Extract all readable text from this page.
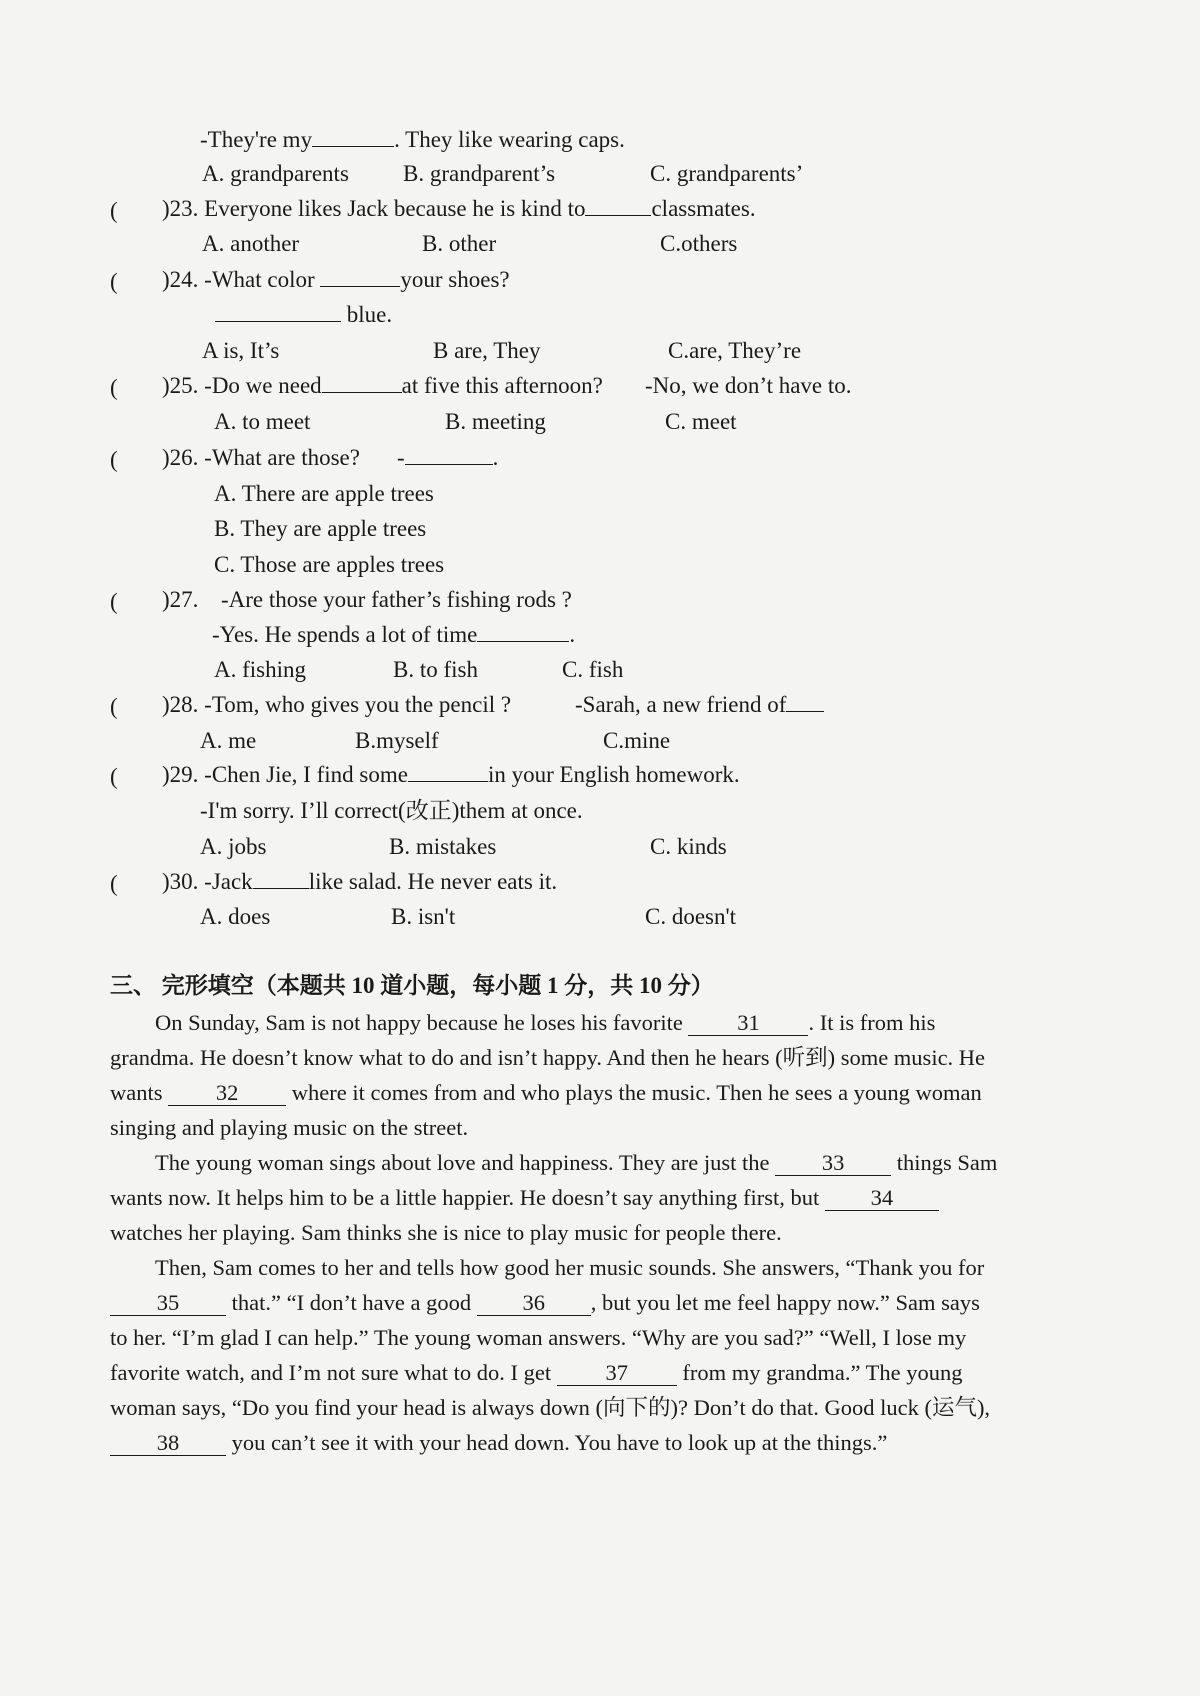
-They're my	. They like wearing caps.
A. grandparents B. grandparent’s	C. grandparents’
( )23. Everyone likes Jack because he is kind to	classmates.
A. another	B. other	C.others
( )24. -What color	your shoes?
blue.
A is, It’s	B are, They	C.are, They’re
( )25. -Do we need	at five this afternoon? -No, we don’t have to.
A. to meet	B. meeting	C. meet
( )26. -What are those? -	.
A. There are apple trees
B. They are apple trees
C. Those are apples trees
( )27. -Are those your father’s fishing rods ?
-Yes. He spends a lot of time	.
A. fishing	B. to fish	C. fish
( )28. -Tom, who gives you the pencil ?	-Sarah, a new friend of
A. me	B.myself	C.mine
( )29. -Chen Jie, I find some	in your English homework.
-I'm sorry. I’ll correct(改正)them at once.
A. jobs	B. mistakes	C. kinds
( )30. -Jack like salad. He never eats it.
A. does	B. isn't	C. doesn't
三、 完形填空（本题共 10 道小题，每小题 1 分，共 10 分）
On Sunday, Sam is not happy because he loses his favorite 31 . It is from his
grandma. He doesn’t know what to do and isn’t happy. And then he hears (听到) some music. He
wants 32 where it comes from and who plays the music. Then he sees a young woman
singing and playing music on the street.
The young woman sings about love and happiness. They are just the 33 things Sam
wants now. It helps him to be a little happier. He doesn’t say anything first, but 34
watches her playing. Sam thinks she is nice to play music for people there.
Then, Sam comes to her and tells how good her music sounds. She answers, “Thank you for
35 that.” “I don’t have a good 36 , but you let me feel happy now.” Sam says
to her. “I’m glad I can help.” The young woman answers. “Why are you sad?” “Well, I lose my
favorite watch, and I’m not sure what to do. I get 37 from my grandma.” The young
woman says, “Do you find your head is always down (向下的)? Don’t do that. Good luck (运气),
38 you can’t see it with your head down. You have to look up at the things.”
